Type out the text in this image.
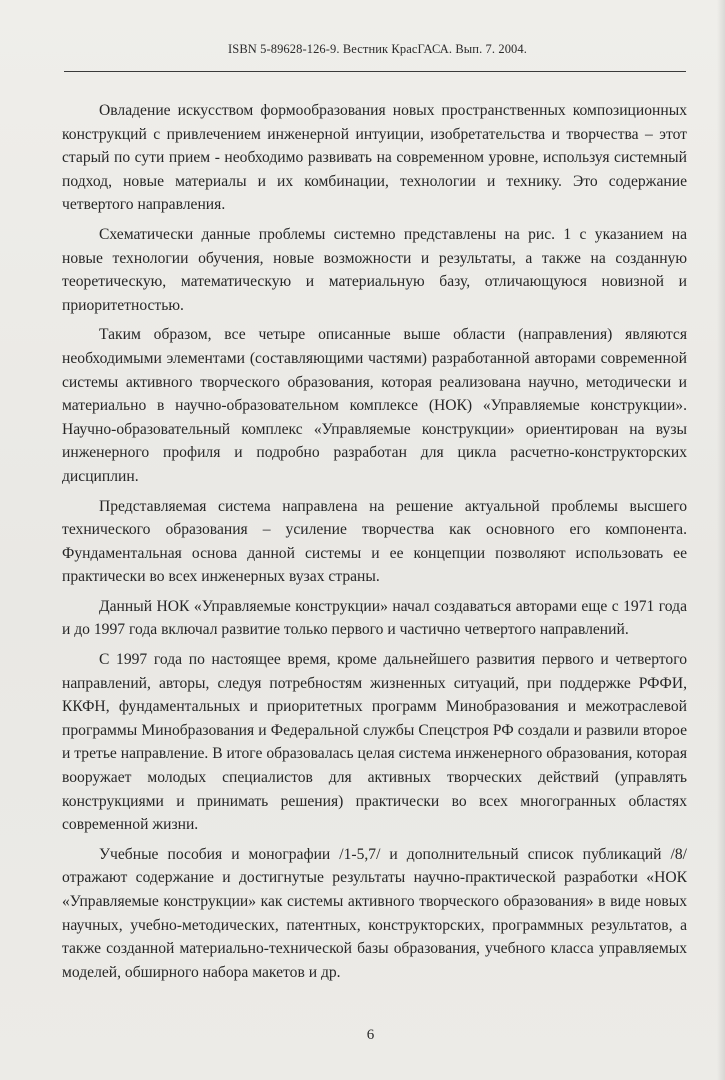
ISBN 5-89628-126-9. Вестник КрасГАСА. Вып. 7. 2004.

Овладение искусством формообразования новых пространственных композиционных конструкций с привлечением инженерной интуиции, изобретательства и творчества – этот старый по сути прием - необходимо развивать на современном уровне, используя системный подход, новые материалы и их комбинации, технологии и технику. Это содержание четвертого направления.

Схематически данные проблемы системно представлены на рис. 1 с указанием на новые технологии обучения, новые возможности и результаты, а также на созданную теоретическую, математическую и материальную базу, отличающуюся новизной и приоритетностью.

Таким образом, все четыре описанные выше области (направления) являются необходимыми элементами (составляющими частями) разработанной авторами современной системы активного творческого образования, которая реализована научно, методически и материально в научно-образовательном комплексе (НОК) «Управляемые конструкции». Научно-образовательный комплекс «Управляемые конструкции» ориентирован на вузы инженерного профиля и подробно разработан для цикла расчетно-конструкторских дисциплин.

Представляемая система направлена на решение актуальной проблемы высшего технического образования – усиление творчества как основного его компонента. Фундаментальная основа данной системы и ее концепции позволяют использовать ее практически во всех инженерных вузах страны.

Данный НОК «Управляемые конструкции» начал создаваться авторами еще с 1971 года и до 1997 года включал развитие только первого и частично четвертого направлений.

С 1997 года по настоящее время, кроме дальнейшего развития первого и четвертого направлений, авторы, следуя потребностям жизненных ситуаций, при поддержке РФФИ, ККФН, фундаментальных и приоритетных программ Минобразования и межотраслевой программы Минобразования и Федеральной службы Спецстроя РФ создали и развили второе и третье направление. В итоге образовалась целая система инженерного образования, которая вооружает молодых специалистов для активных творческих действий (управлять конструкциями и принимать решения) практически во всех многогранных областях современной жизни.

Учебные пособия и монографии /1-5,7/ и дополнительный список публикаций /8/ отражают содержание и достигнутые результаты научно-практической разработки «НОК «Управляемые конструкции» как системы активного творческого образования» в виде новых научных, учебно-методических, патентных, конструкторских, программных результатов, а также созданной материально-технической базы образования, учебного класса управляемых моделей, обширного набора макетов и др.

6
